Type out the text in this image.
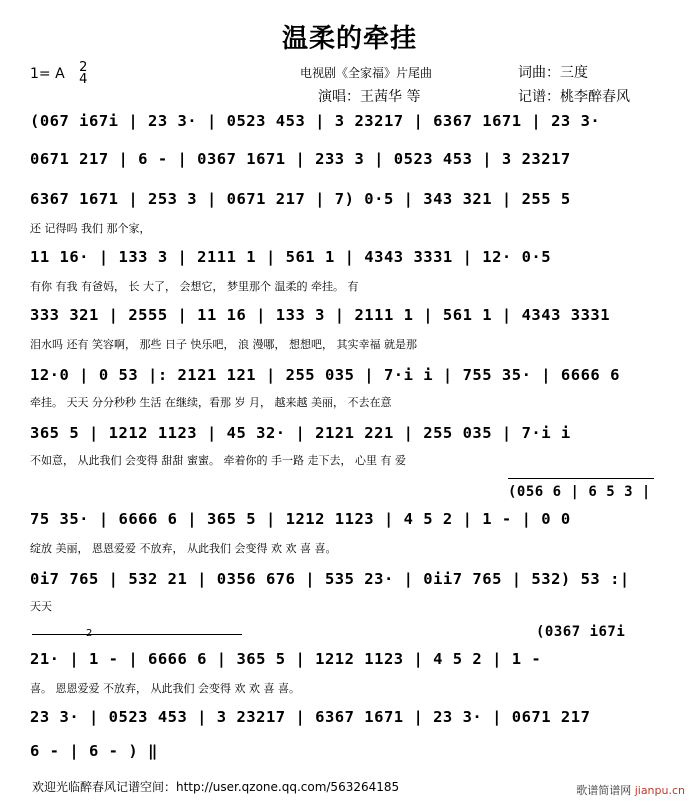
温柔的牵挂
1= A 2
4	电视剧《全家福》片尾曲	词曲：三度
演唱：王茜华 等	记谱：桃李醉春风
(067 i67i | 23 3· | 0523 453 | 3 23217 | 6367 1671 | 23 3·
0671 217 | 6 - | 0367 1671 | 233 3 | 0523 453 | 3 23217
6367 1671 | 253 3 | 0671 217 | 7) 0·5 | 343 321 | 255 5
还 记得吗 我们 那个家，
11 16· | 133 3 | 2111 1 | 561 1 | 4343 3331 | 12· 0·5
有你 有我 有爸妈， 长 大了， 会想它， 梦里那个 温柔的 牵挂。 有
333 321 | 2555 | 11 16 | 133 3 | 2111 1 | 561 1 | 4343 3331
泪水吗 还有 笑容啊， 那些 日子 快乐吧， 浪 漫哪， 想想吧， 其实幸福 就是那
12·0 | 0 53 |: 2121 121 | 255 035 | 7·i i | 755 35· | 6666 6
牵挂。 天天 分分秒秒 生活 在继续，看那 岁 月， 越来越 美丽， 不去在意
365 5 | 1212 1123 | 45 32· | 2121 221 | 255 035 | 7·i i
不如意， 从此我们 会变得 甜甜 蜜蜜。 牵着你的 手一路 走下去， 心里 有 爱
(056 6 | 6 5 3 |
75 35· | 6666 6 | 365 5 | 1212 1123 | 4 5 2 | 1 - | 0 0
绽放 美丽， 恩恩爱爱 不放弃， 从此我们 会变得 欢 欢 喜 喜。
0i7 765 | 532 21 | 0356 676 | 535 23· | 0ii7 765 | 532) 53 :|
天天
2	(0367 i67i
21· | 1 - | 6666 6 | 365 5 | 1212 1123 | 4 5 2 | 1 -
喜。 恩恩爱爱 不放弃， 从此我们 会变得 欢 欢 喜 喜。
23 3· | 0523 453 | 3 23217 | 6367 1671 | 23 3· | 0671 217
6 - | 6 - ) ‖
欢迎光临醉春风记谱空间：http://user.qzone.qq.com/563264185	歌谱简谱网 jianpu.cn
